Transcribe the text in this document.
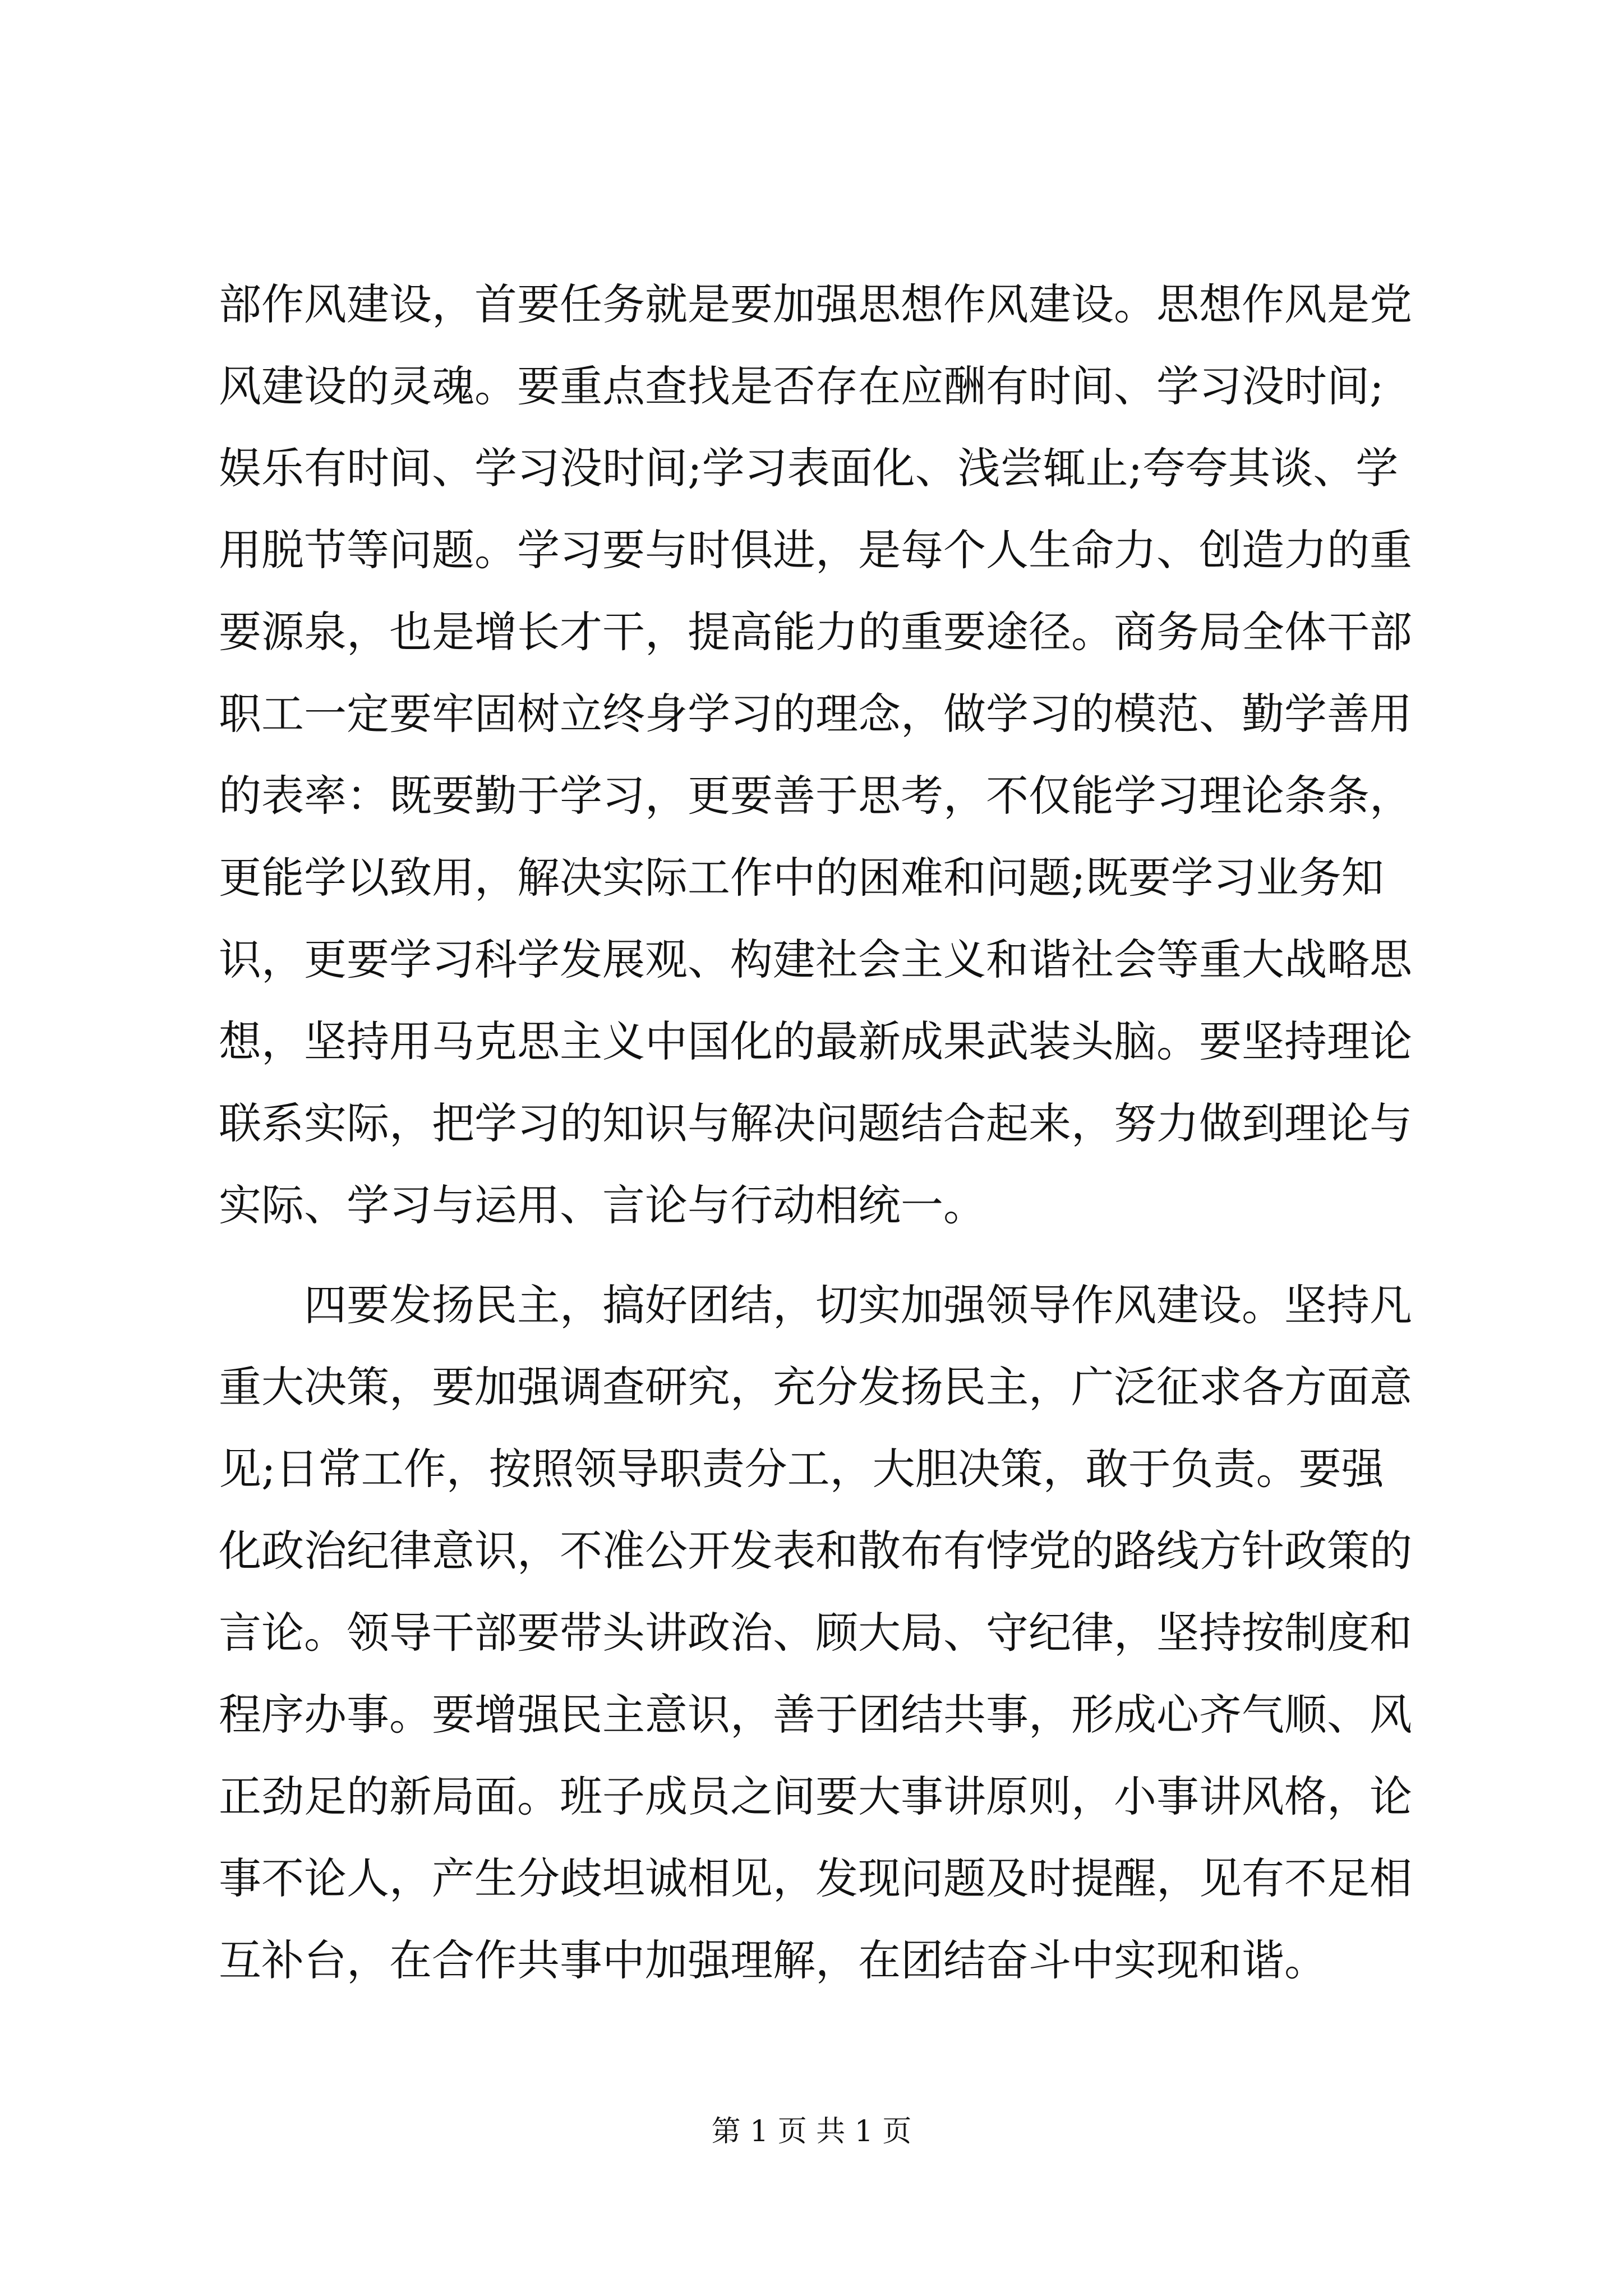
部作风建设，首要任务就是要加强思想作风建设。思想作风是党
风建设的灵魂。要重点查找是否存在应酬有时间、学习没时间;
娱乐有时间、学习没时间;学习表面化、浅尝辄止;夸夸其谈、学
用脱节等问题。学习要与时俱进，是每个人生命力、创造力的重
要源泉，也是增长才干，提高能力的重要途径。商务局全体干部
职工一定要牢固树立终身学习的理念，做学习的模范、勤学善用
的表率：既要勤于学习，更要善于思考，不仅能学习理论条条，
更能学以致用，解决实际工作中的困难和问题;既要学习业务知
识，更要学习科学发展观、构建社会主义和谐社会等重大战略思
想，坚持用马克思主义中国化的最新成果武装头脑。要坚持理论
联系实际，把学习的知识与解决问题结合起来，努力做到理论与
实际、学习与运用、言论与行动相统一。
四要发扬民主，搞好团结，切实加强领导作风建设。坚持凡
重大决策，要加强调查研究，充分发扬民主，广泛征求各方面意
见;日常工作，按照领导职责分工，大胆决策，敢于负责。要强
化政治纪律意识，不准公开发表和散布有悖党的路线方针政策的
言论。领导干部要带头讲政治、顾大局、守纪律，坚持按制度和
程序办事。要增强民主意识，善于团结共事，形成心齐气顺、风
正劲足的新局面。班子成员之间要大事讲原则，小事讲风格，论
事不论人，产生分歧坦诚相见，发现问题及时提醒，见有不足相
互补台，在合作共事中加强理解，在团结奋斗中实现和谐。
第 1 页 共 1 页
